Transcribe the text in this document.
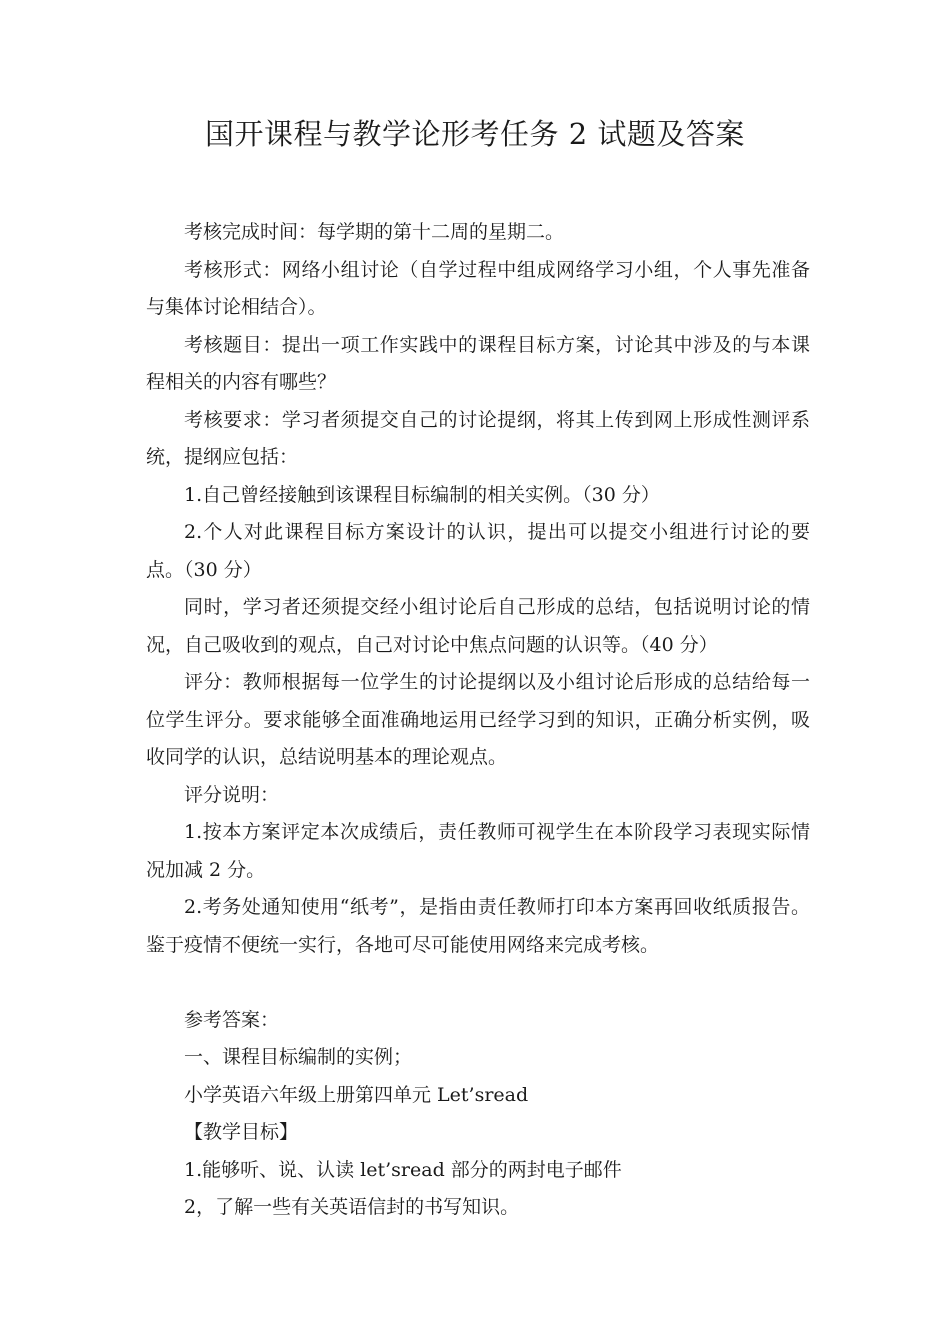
国开课程与教学论形考任务 2 试题及答案

考核完成时间：每学期的第十二周的星期二。

考核形式：网络小组讨论（自学过程中组成网络学习小组，个人事先准备与集体讨论相结合）。

考核题目：提出一项工作实践中的课程目标方案，讨论其中涉及的与本课程相关的内容有哪些？

考核要求：学习者须提交自己的讨论提纲，将其上传到网上形成性测评系统，提纲应包括：

1.自己曾经接触到该课程目标编制的相关实例。（30 分）

2.个人对此课程目标方案设计的认识，提出可以提交小组进行讨论的要点。（30 分）

同时，学习者还须提交经小组讨论后自己形成的总结，包括说明讨论的情况，自己吸收到的观点，自己对讨论中焦点问题的认识等。（40 分）

评分：教师根据每一位学生的讨论提纲以及小组讨论后形成的总结给每一位学生评分。要求能够全面准确地运用已经学习到的知识，正确分析实例，吸收同学的认识，总结说明基本的理论观点。

评分说明：

1.按本方案评定本次成绩后，责任教师可视学生在本阶段学习表现实际情况加减 2 分。

2.考务处通知使用“纸考”，是指由责任教师打印本方案再回收纸质报告。鉴于疫情不便统一实行，各地可尽可能使用网络来完成考核。

参考答案：

一、课程目标编制的实例；

小学英语六年级上册第四单元 Let’sread

【教学目标】

1.能够听、说、认读 let’sread 部分的两封电子邮件

2，了解一些有关英语信封的书写知识。
